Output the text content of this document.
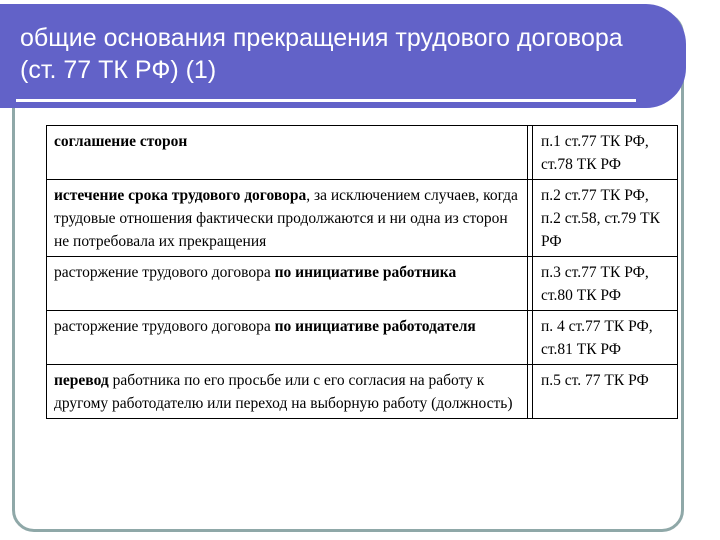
общие основания прекращения трудового договора (ст. 77 ТК РФ) (1)
соглашение сторон		п.1 ст.77 ТК РФ, ст.78 ТК РФ
истечение срока трудового договора, за исключением случаев, когда трудовые отношения фактически продолжаются и ни одна из сторон не потребовала их прекращения		п.2 ст.77 ТК РФ, п.2 ст.58, ст.79 ТК РФ
расторжение трудового договора по инициативе работника		п.3 ст.77 ТК РФ, ст.80 ТК РФ
расторжение трудового договора по инициативе работодателя		п. 4 ст.77 ТК РФ, ст.81 ТК РФ
перевод работника по его просьбе или с его согласия на работу к другому работодателю или переход на выборную работу (должность)		п.5 ст. 77 ТК РФ
